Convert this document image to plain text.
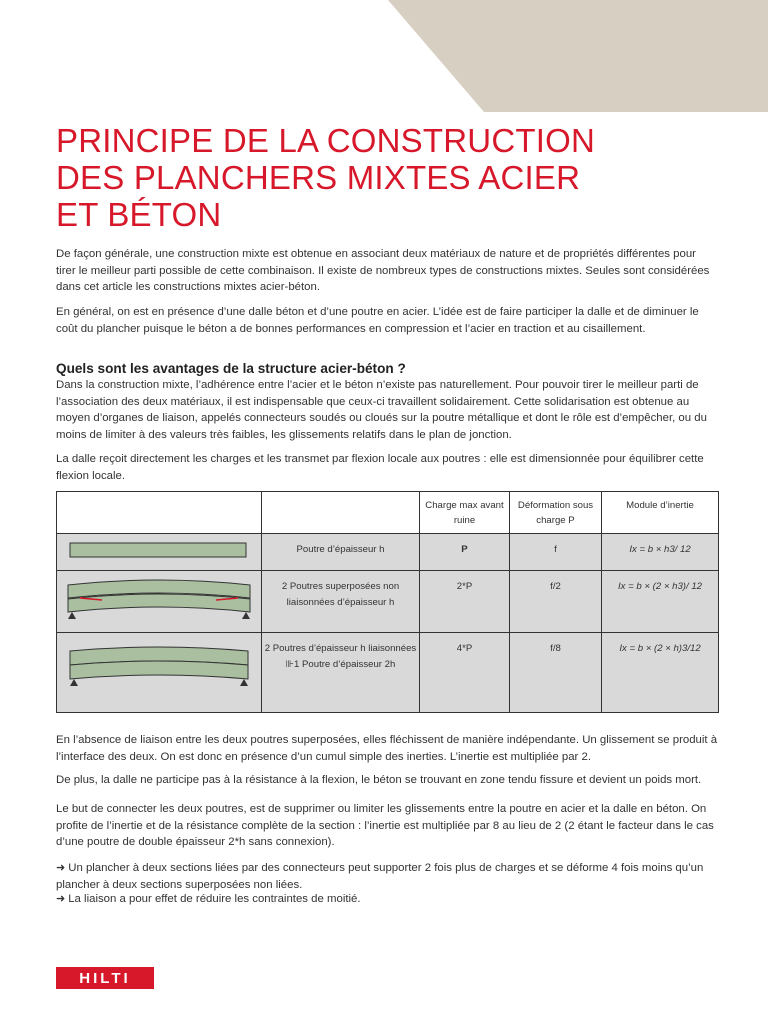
PRINCIPE DE LA CONSTRUCTION
DES PLANCHERS MIXTES ACIER
ET BÉTON

De façon générale, une construction mixte est obtenue en associant deux matériaux de nature et de propriétés différentes pour tirer le meilleur parti possible de cette combinaison. Il existe de nombreux types de constructions mixtes. Seules sont considérées dans cet article les constructions mixtes acier-béton.

En général, on est en présence d’une dalle béton et d’une poutre en acier. L’idée est de faire participer la dalle et de diminuer le coût du plancher puisque le béton a de bonnes performances en compression et l’acier en traction et au cisaillement.

Quels sont les avantages de la structure acier-béton ?

Dans la construction mixte, l’adhérence entre l’acier et le béton n’existe pas naturellement. Pour pouvoir tirer le meilleur parti de l’association des deux matériaux, il est indispensable que ceux-ci travaillent solidairement. Cette solidarisation est obtenue au moyen d’organes de liaison, appelés connecteurs soudés ou cloués sur la poutre métallique et dont le rôle est d’empêcher, ou du moins de limiter à des valeurs très faibles, les glissements relatifs dans le plan de jonction.

La dalle reçoit directement les charges et les transmet par flexion locale aux poutres : elle est dimensionnée pour équilibrer cette flexion locale.

		Charge max avant ruine	Déformation sous charge P	Module d’inertie
	Poutre d’épaisseur h	P	f	Ix = b × h3/ 12
	2 Poutres superposées non liaisonnées d’épaisseur h	2*P	f/2	Ix = b × (2 × h3)/ 12
	2 Poutres d’épaisseur h liaisonnées ⊪1 Poutre d’épaisseur 2h	4*P	f/8	Ix = b × (2 × h)3/12

En l’absence de liaison entre les deux poutres superposées, elles fléchissent de manière indépendante. Un glissement se produit à l’interface des deux. On est donc en présence d’un cumul simple des inerties. L’inertie est multipliée par 2.

De plus, la dalle ne participe pas à la résistance à la flexion, le béton se trouvant en zone tendu fissure et devient un poids mort.

Le but de connecter les deux poutres, est de supprimer ou limiter les glissements entre la poutre en acier et la dalle en béton. On profite de l’inertie et de la résistance complète de la section : l’inertie est multipliée par 8 au lieu de 2 (2 étant le facteur dans le cas d’une poutre de double épaisseur 2*h sans connexion).

➜ Un plancher à deux sections liées par des connecteurs peut supporter 2 fois plus de charges et se déforme 4 fois moins qu’un plancher à deux sections superposées non liées.

➜ La liaison a pour effet de réduire les contraintes de moitié.

HILTI
